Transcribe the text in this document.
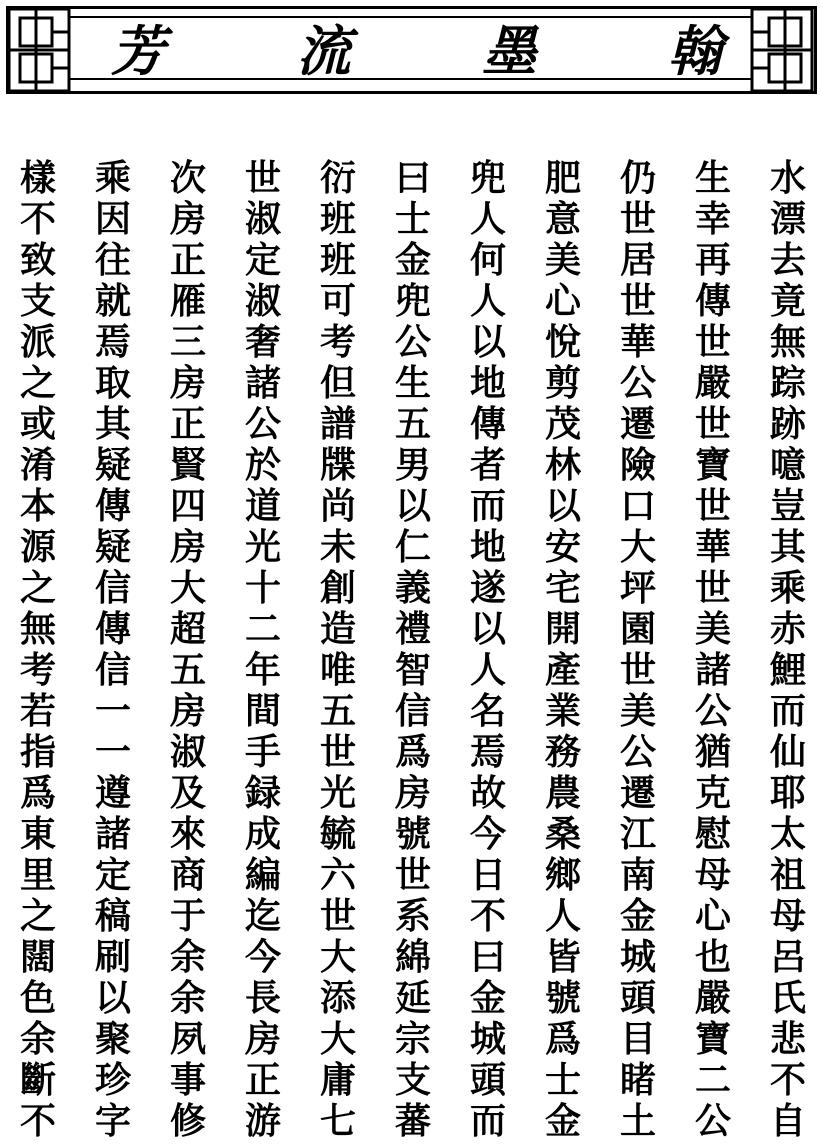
芳 流 墨 翰
水
漂
去
竟
無
踪
跡
噫
豈
其
乘
赤
鯉
而
仙
耶
太
祖
母
呂
氏
悲
不
自
生
幸
再
傳
世
嚴
世
寶
世
華
世
美
諸
公
猶
克
慰
母
心
也
嚴
寶
二
公
仍
世
居
世
華
公
遷
險
口
大
坪
園
世
美
公
遷
江
南
金
城
頭
目
睹
土
肥
意
美
心
悅
剪
茂
林
以
安
宅
開
產
業
務
農
桑
鄉
人
皆
號
爲
士
金
兜
人
何
人
以
地
傳
者
而
地
遂
以
人
名
焉
故
今
日
不
曰
金
城
頭
而
曰
士
金
兜
公
生
五
男
以
仁
義
禮
智
信
爲
房
號
世
系
綿
延
宗
支
蕃
衍
班
班
可
考
但
譜
牒
尚
未
創
造
唯
五
世
光
毓
六
世
大
添
大
庸
七
世
淑
定
淑
奢
諸
公
於
道
光
十
二
年
間
手
録
成
編
迄
今
長
房
正
游
次
房
正
雁
三
房
正
賢
四
房
大
超
五
房
淑
及
來
商
于
余
余
夙
事
修
乘
因
往
就
焉
取
其
疑
傳
疑
信
傳
信
一
一
遵
諸
定
稿
刷
以
聚
珍
字
樣
不
致
支
派
之
或
淆
本
源
之
無
考
若
指
爲
東
里
之
闊
色
余
斷
不
